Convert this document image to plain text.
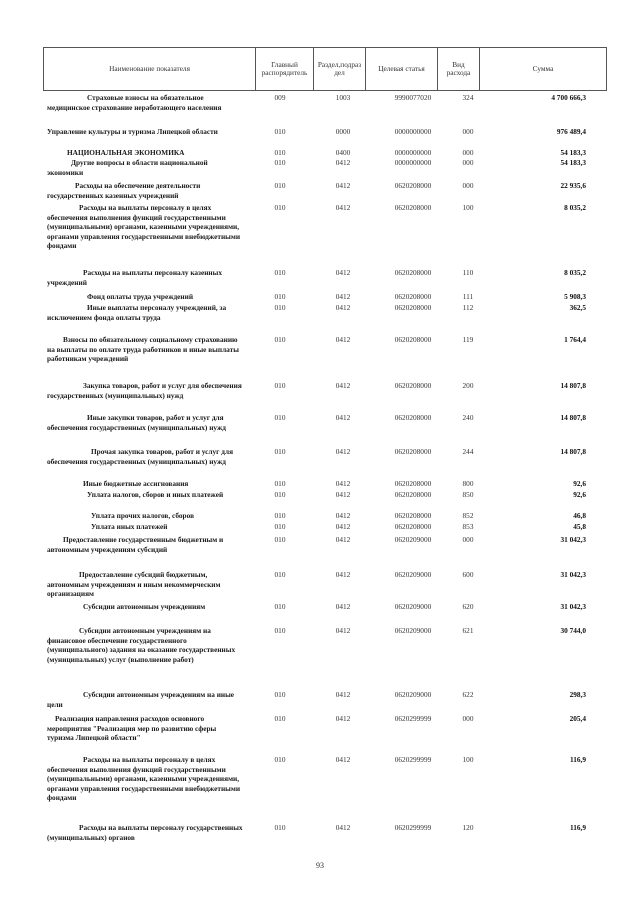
Наименование показателя	Главный распорядитель	Раздел,подраз дел	Целевая статья	Вид расхода	Сумма
Страховые взносы на обязательное медицинское страхование неработающего населения
009	1003	9990077020	324	4 700 666,3
Управление культуры и туризма Липецкой области	010	0000	0000000000	000	976 489,4
НАЦИОНАЛЬНАЯ ЭКОНОМИКА	010	0400	0000000000	000	54 183,3
Другие вопросы в области национальной экономики
010	0412	0000000000	000	54 183,3
Расходы на обеспечение деятельности государственных казенных учреждений
010	0412	0620208000	000	22 935,6
Расходы на выплаты персоналу в целях обеспечения выполнения функций государственными (муниципальными) органами, казенными учреждениями, органами управления государственными внебюджетными фондами
010	0412	0620208000	100	8 035,2
Расходы на выплаты персоналу казенных учреждений
010	0412	0620208000	110	8 035,2
Фонд оплаты труда учреждений	010	0412	0620208000	111	5 908,3
Иные выплаты персоналу учреждений, за исключением фонда оплаты труда
010	0412	0620208000	112	362,5
Взносы по обязательному социальному страхованию на выплаты по оплате труда работников и иные выплаты работникам учреждений
010	0412	0620208000	119	1 764,4
Закупка товаров, работ и услуг для обеспечения государственных (муниципальных) нужд
010	0412	0620208000	200	14 807,8
Иные закупки товаров, работ и услуг для обеспечения государственных (муниципальных) нужд
010	0412	0620208000	240	14 807,8
Прочая закупка товаров, работ и услуг для обеспечения государственных (муниципальных) нужд
010	0412	0620208000	244	14 807,8
Иные бюджетные ассигнования	010	0412	0620208000	800	92,6
Уплата налогов, сборов и иных платежей	010	0412	0620208000	850	92,6
Уплата прочих налогов, сборов	010	0412	0620208000	852	46,8
Уплата иных платежей	010	0412	0620208000	853	45,8
Предоставление государственным бюджетным и автономным учреждениям субсидий
010	0412	0620209000	000	31 042,3
Предоставление субсидий бюджетным, автономным учреждениям и иным некоммерческим организациям
010	0412	0620209000	600	31 042,3
Субсидии автономным учреждениям	010	0412	0620209000	620	31 042,3
Субсидии автономным учреждениям на финансовое обеспечение государственного (муниципального) задания на оказание государственных (муниципальных) услуг (выполнение работ)
010	0412	0620209000	621	30 744,0
Субсидии автономным учреждениям на иные цели
010	0412	0620209000	622	298,3
Реализация направления расходов основного мероприятия "Реализация мер по развитию сферы туризма Липецкой области"
010	0412	0620299999	000	205,4
Расходы на выплаты персоналу в целях обеспечения выполнения функций государственными (муниципальными) органами, казенными учреждениями, органами управления государственными внебюджетными фондами
010	0412	0620299999	100	116,9
Расходы на выплаты персоналу государственных (муниципальных) органов
010	0412	0620299999	120	116,9
93
